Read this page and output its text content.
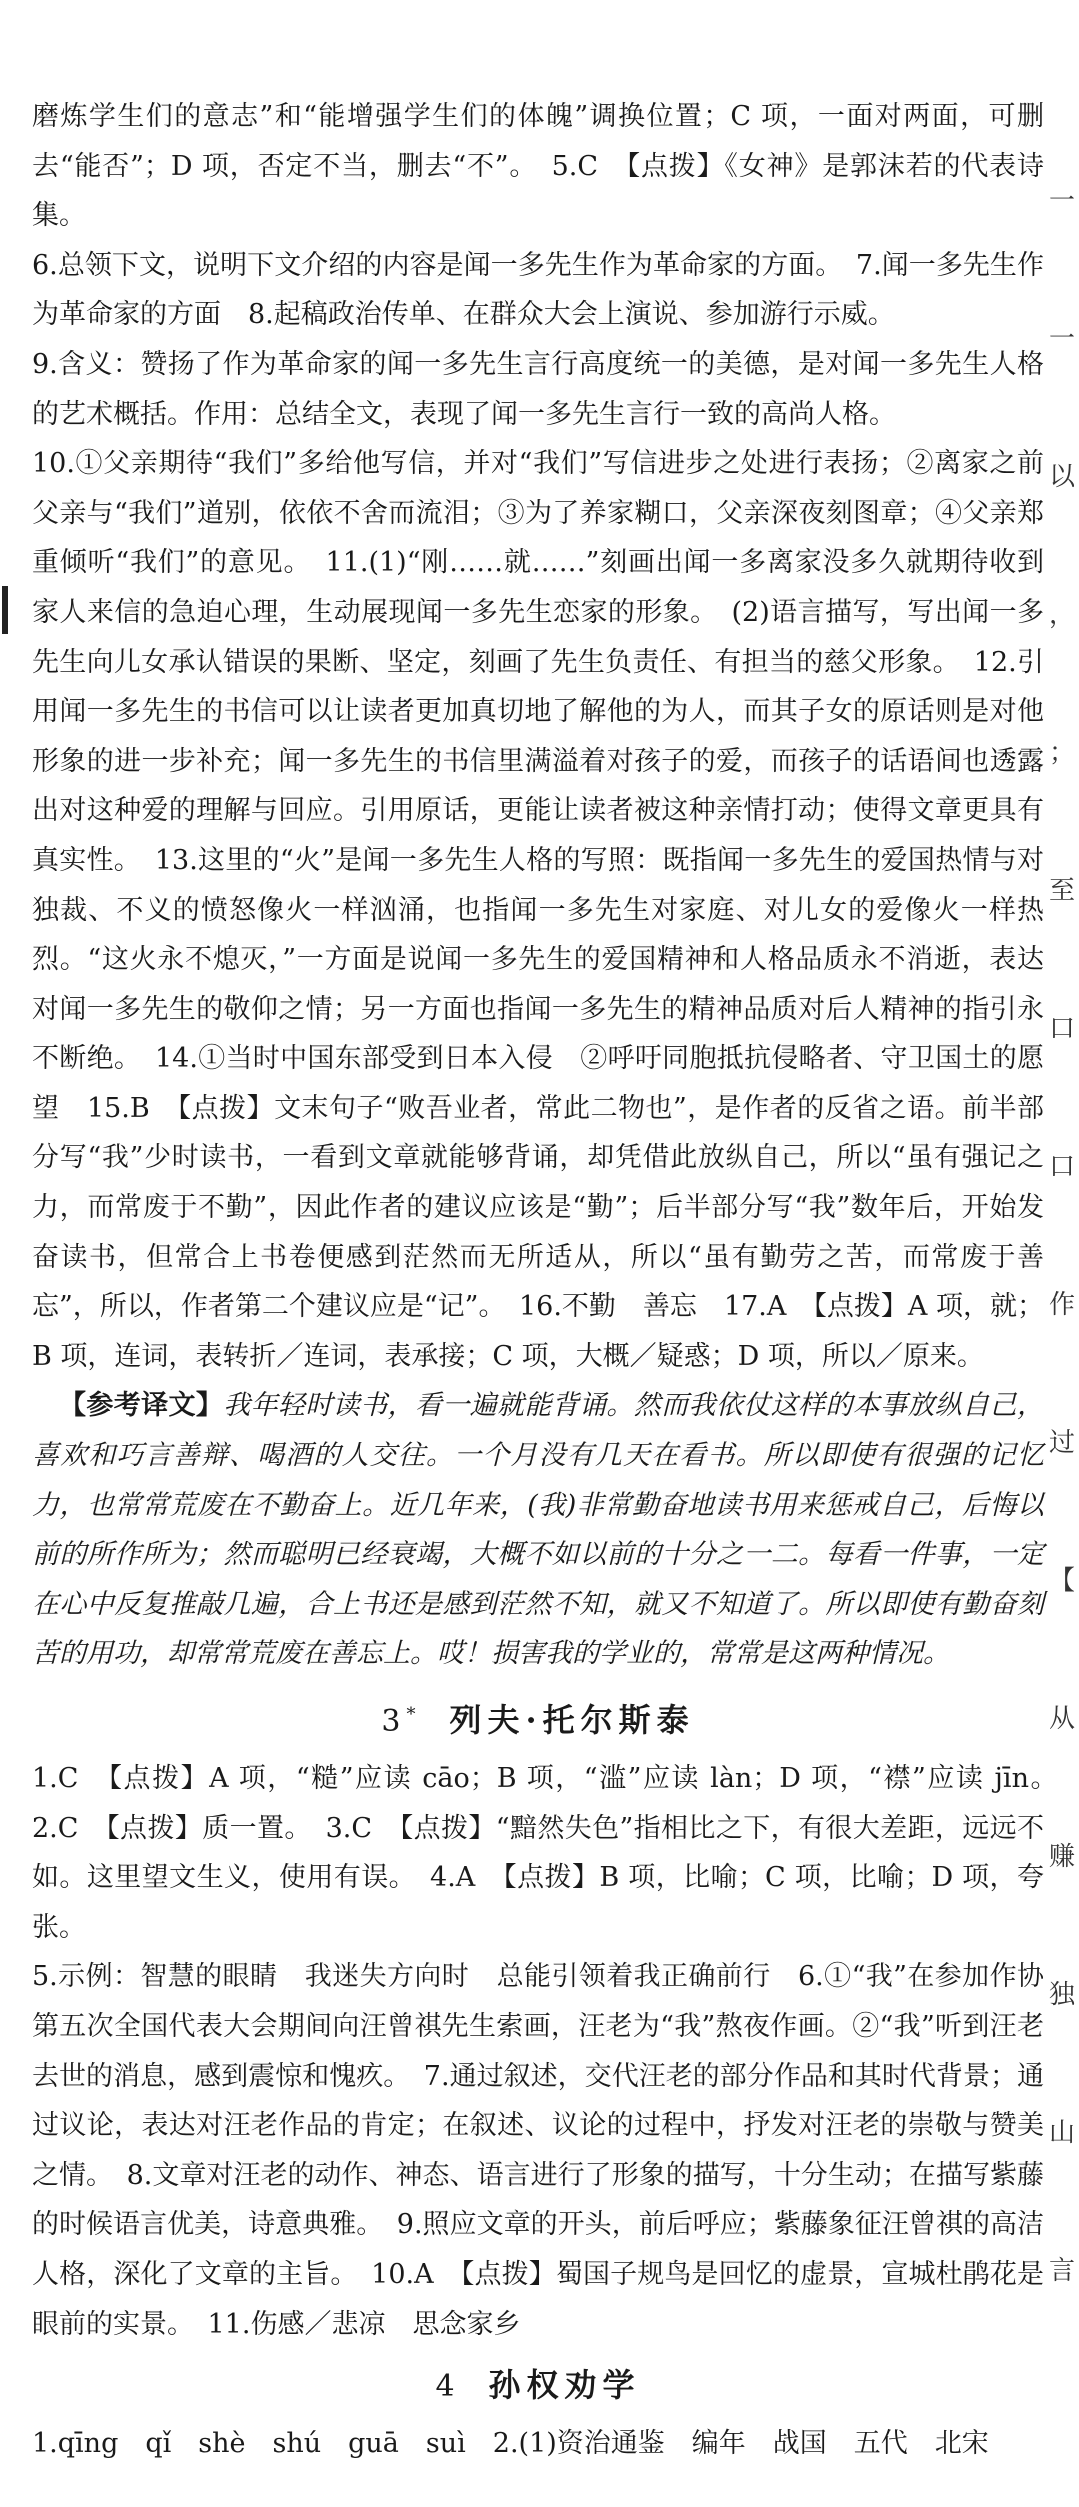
磨炼学生们的意志”和“能增强学生们的体魄”调换位置；C 项，一面对两面，可删去“能否”；D 项，否定不当，删去“不”。　5.C　【点拨】《女神》是郭沫若的代表诗集。

6.总领下文，说明下文介绍的内容是闻一多先生作为革命家的方面。　7.闻一多先生作为革命家的方面　8.起稿政治传单、在群众大会上演说、参加游行示威。

9.含义：赞扬了作为革命家的闻一多先生言行高度统一的美德，是对闻一多先生人格的艺术概括。作用：总结全文，表现了闻一多先生言行一致的高尚人格。

10.①父亲期待“我们”多给他写信，并对“我们”写信进步之处进行表扬；②离家之前父亲与“我们”道别，依依不舍而流泪；③为了养家糊口，父亲深夜刻图章；④父亲郑重倾听“我们”的意见。　11.(1)“刚……就……”刻画出闻一多离家没多久就期待收到家人来信的急迫心理，生动展现闻一多先生恋家的形象。　(2)语言描写，写出闻一多先生向儿女承认错误的果断、坚定，刻画了先生负责任、有担当的慈父形象。　12.引用闻一多先生的书信可以让读者更加真切地了解他的为人，而其子女的原话则是对他形象的进一步补充；闻一多先生的书信里满溢着对孩子的爱，而孩子的话语间也透露出对这种爱的理解与回应。引用原话，更能让读者被这种亲情打动；使得文章更具有真实性。　13.这里的“火”是闻一多先生人格的写照：既指闻一多先生的爱国热情与对独裁、不义的愤怒像火一样汹涌，也指闻一多先生对家庭、对儿女的爱像火一样热烈。“这火永不熄灭，”一方面是说闻一多先生的爱国精神和人格品质永不消逝，表达对闻一多先生的敬仰之情；另一方面也指闻一多先生的精神品质对后人精神的指引永不断绝。　14.①当时中国东部受到日本入侵　②呼吁同胞抵抗侵略者、守卫国土的愿望　15.B　【点拨】文末句子“败吾业者，常此二物也”，是作者的反省之语。前半部分写“我”少时读书，一看到文章就能够背诵，却凭借此放纵自己，所以“虽有强记之力，而常废于不勤”，因此作者的建议应该是“勤”；后半部分写“我”数年后，开始发奋读书，但常合上书卷便感到茫然而无所适从，所以“虽有勤劳之苦，而常废于善忘”，所以，作者第二个建议应是“记”。　16.不勤　善忘　17.A　【点拨】A 项，就；B 项，连词，表转折／连词，表承接；C 项，大概／疑惑；D 项，所以／原来。

【参考译文】我年轻时读书，看一遍就能背诵。然而我依仗这样的本事放纵自己，喜欢和巧言善辩、喝酒的人交往。一个月没有几天在看书。所以即使有很强的记忆力，也常常荒废在不勤奋上。近几年来，(我)非常勤奋地读书用来惩戒自己，后悔以前的所作所为；然而聪明已经衰竭，大概不如以前的十分之一二。每看一件事，一定在心中反复推敲几遍，合上书还是感到茫然不知，就又不知道了。所以即使有勤奋刻苦的用功，却常常荒废在善忘上。哎！损害我的学业的，常常是这两种情况。

3* 列夫·托尔斯泰

1.C　【点拨】A 项，“糙”应读 cāo；B 项，“滥”应读 làn；D 项，“襟”应读 jīn。　2.C　【点拨】质一置。　3.C　【点拨】“黯然失色”指相比之下，有很大差距，远远不如。这里望文生义，使用有误。　4.A　【点拨】B 项，比喻；C 项，比喻；D 项，夸张。

5.示例：智慧的眼睛　我迷失方向时　总能引领着我正确前行　6.①“我”在参加作协第五次全国代表大会期间向汪曾祺先生索画，汪老为“我”熬夜作画。②“我”听到汪老去世的消息，感到震惊和愧疚。　7.通过叙述，交代汪老的部分作品和其时代背景；通过议论，表达对汪老作品的肯定；在叙述、议论的过程中，抒发对汪老的崇敬与赞美之情。　8.文章对汪老的动作、神态、语言进行了形象的描写，十分生动；在描写紫藤的时候语言优美，诗意典雅。　9.照应文章的开头，前后呼应；紫藤象征汪曾祺的高洁人格，深化了文章的主旨。　10.A　【点拨】蜀国子规鸟是回忆的虚景，宣城杜鹃花是眼前的实景。　11.伤感／悲凉　思念家乡

4 孙权劝学

1.qīng　qǐ　shè　shú　guā　suì　2.(1)资治通鉴　编年　战国　五代　北宋

一
一
以
，
；
至
口
口
作
过
【
从
赚
独
山
言
